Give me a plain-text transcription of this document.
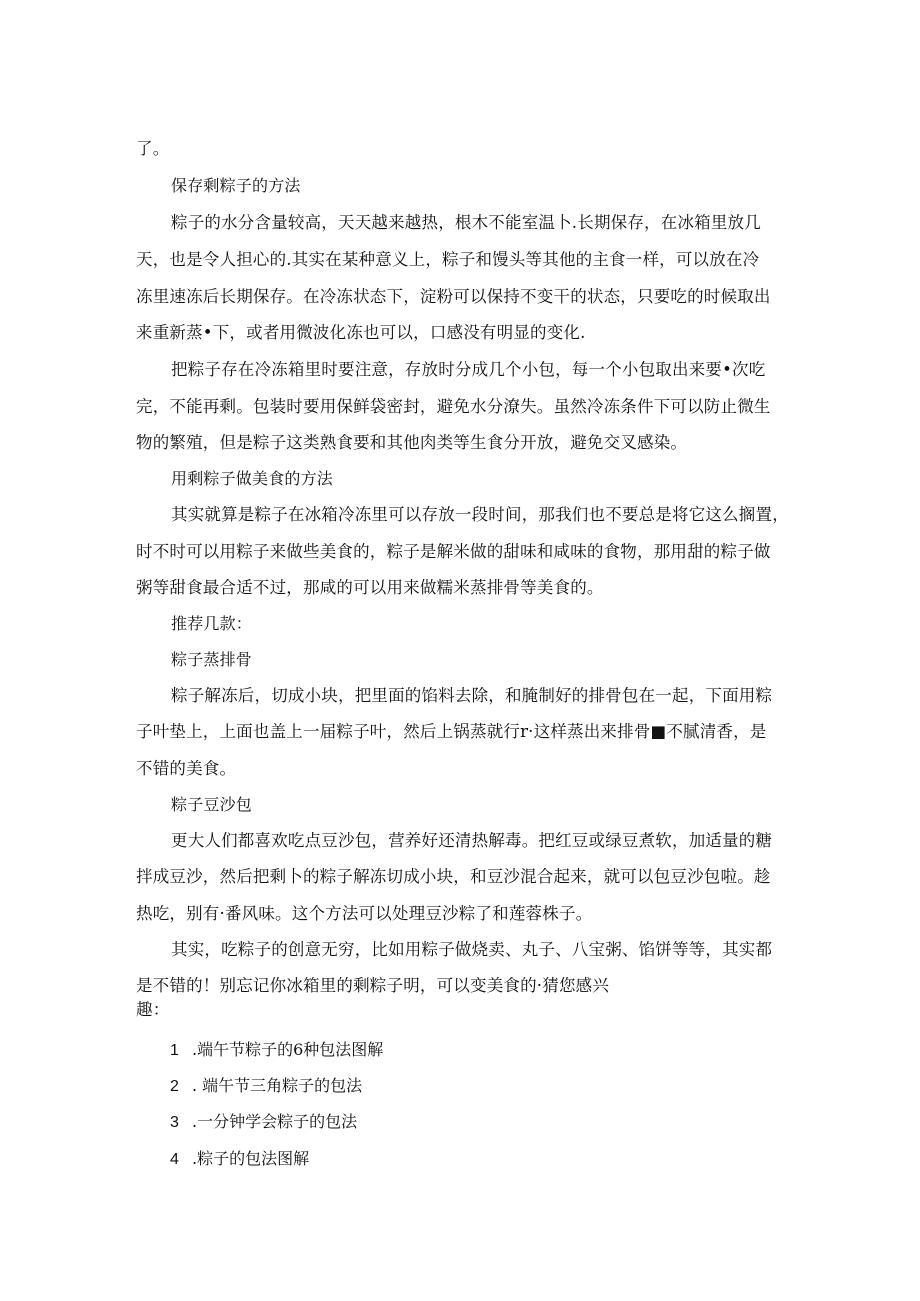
了。
保存剩粽子的方法
粽子的水分含量较高，天天越来越热，根木不能室温卜.长期保存，在冰箱里放几
天，也是令人担心的.其实在某种意义上，粽子和馒头等其他的主食一样，可以放在冷
冻里速冻后长期保存。在冷冻状态下，淀粉可以保持不变干的状态，只要吃的时候取出
来重新蒸•下，或者用微波化冻也可以，口感没有明显的变化.
把粽子存在冷冻箱里时要注意，存放时分成几个小包，每一个小包取出来要•次吃
完，不能再剩。包装时要用保鲜袋密封，避免水分潦失。虽然冷冻条件下可以防止微生
物的繁殖，但是粽子这类熟食要和其他肉类等生食分开放，避免交叉感染。
用剩粽子做美食的方法
其实就算是粽子在冰箱冷冻里可以存放一段时间，那我们也不要总是将它这么搁置，
时不时可以用粽子来做些美食的，粽子是解米做的甜味和咸味的食物，那用甜的粽子做
粥等甜食最合适不过，那咸的可以用来做糯米蒸排骨等美食的。
推荐几款：
粽子蒸排骨
粽子解冻后，切成小块，把里面的馅料去除，和腌制好的排骨包在一起，下面用粽
子叶垫上，上面也盖上一届粽子叶，然后上锅蒸就行r·这样蒸出来排骨■不腻清香，是
不错的美食。
粽子豆沙包
更大人们都喜欢吃点豆沙包，营养好还清热解毒。把红豆或绿豆煮软，加适量的糖
拌成豆沙，然后把剩卜的粽子解冻切成小块，和豆沙混合起来，就可以包豆沙包啦。趁
热吃，别有·番风味。这个方法可以处理豆沙粽了和莲蓉株子。
其实，吃粽子的创意无穷，比如用粽子做烧卖、丸子、八宝粥、馅饼等等，其实都
是不错的！别忘记你冰箱里的剩粽子明，可以变美食的·猜您感兴
趣：
1 .端午节粽子的6种包法图解
2 . 端午节三角粽子的包法
3 .一分钟学会粽子的包法
4 .粽子的包法图解
